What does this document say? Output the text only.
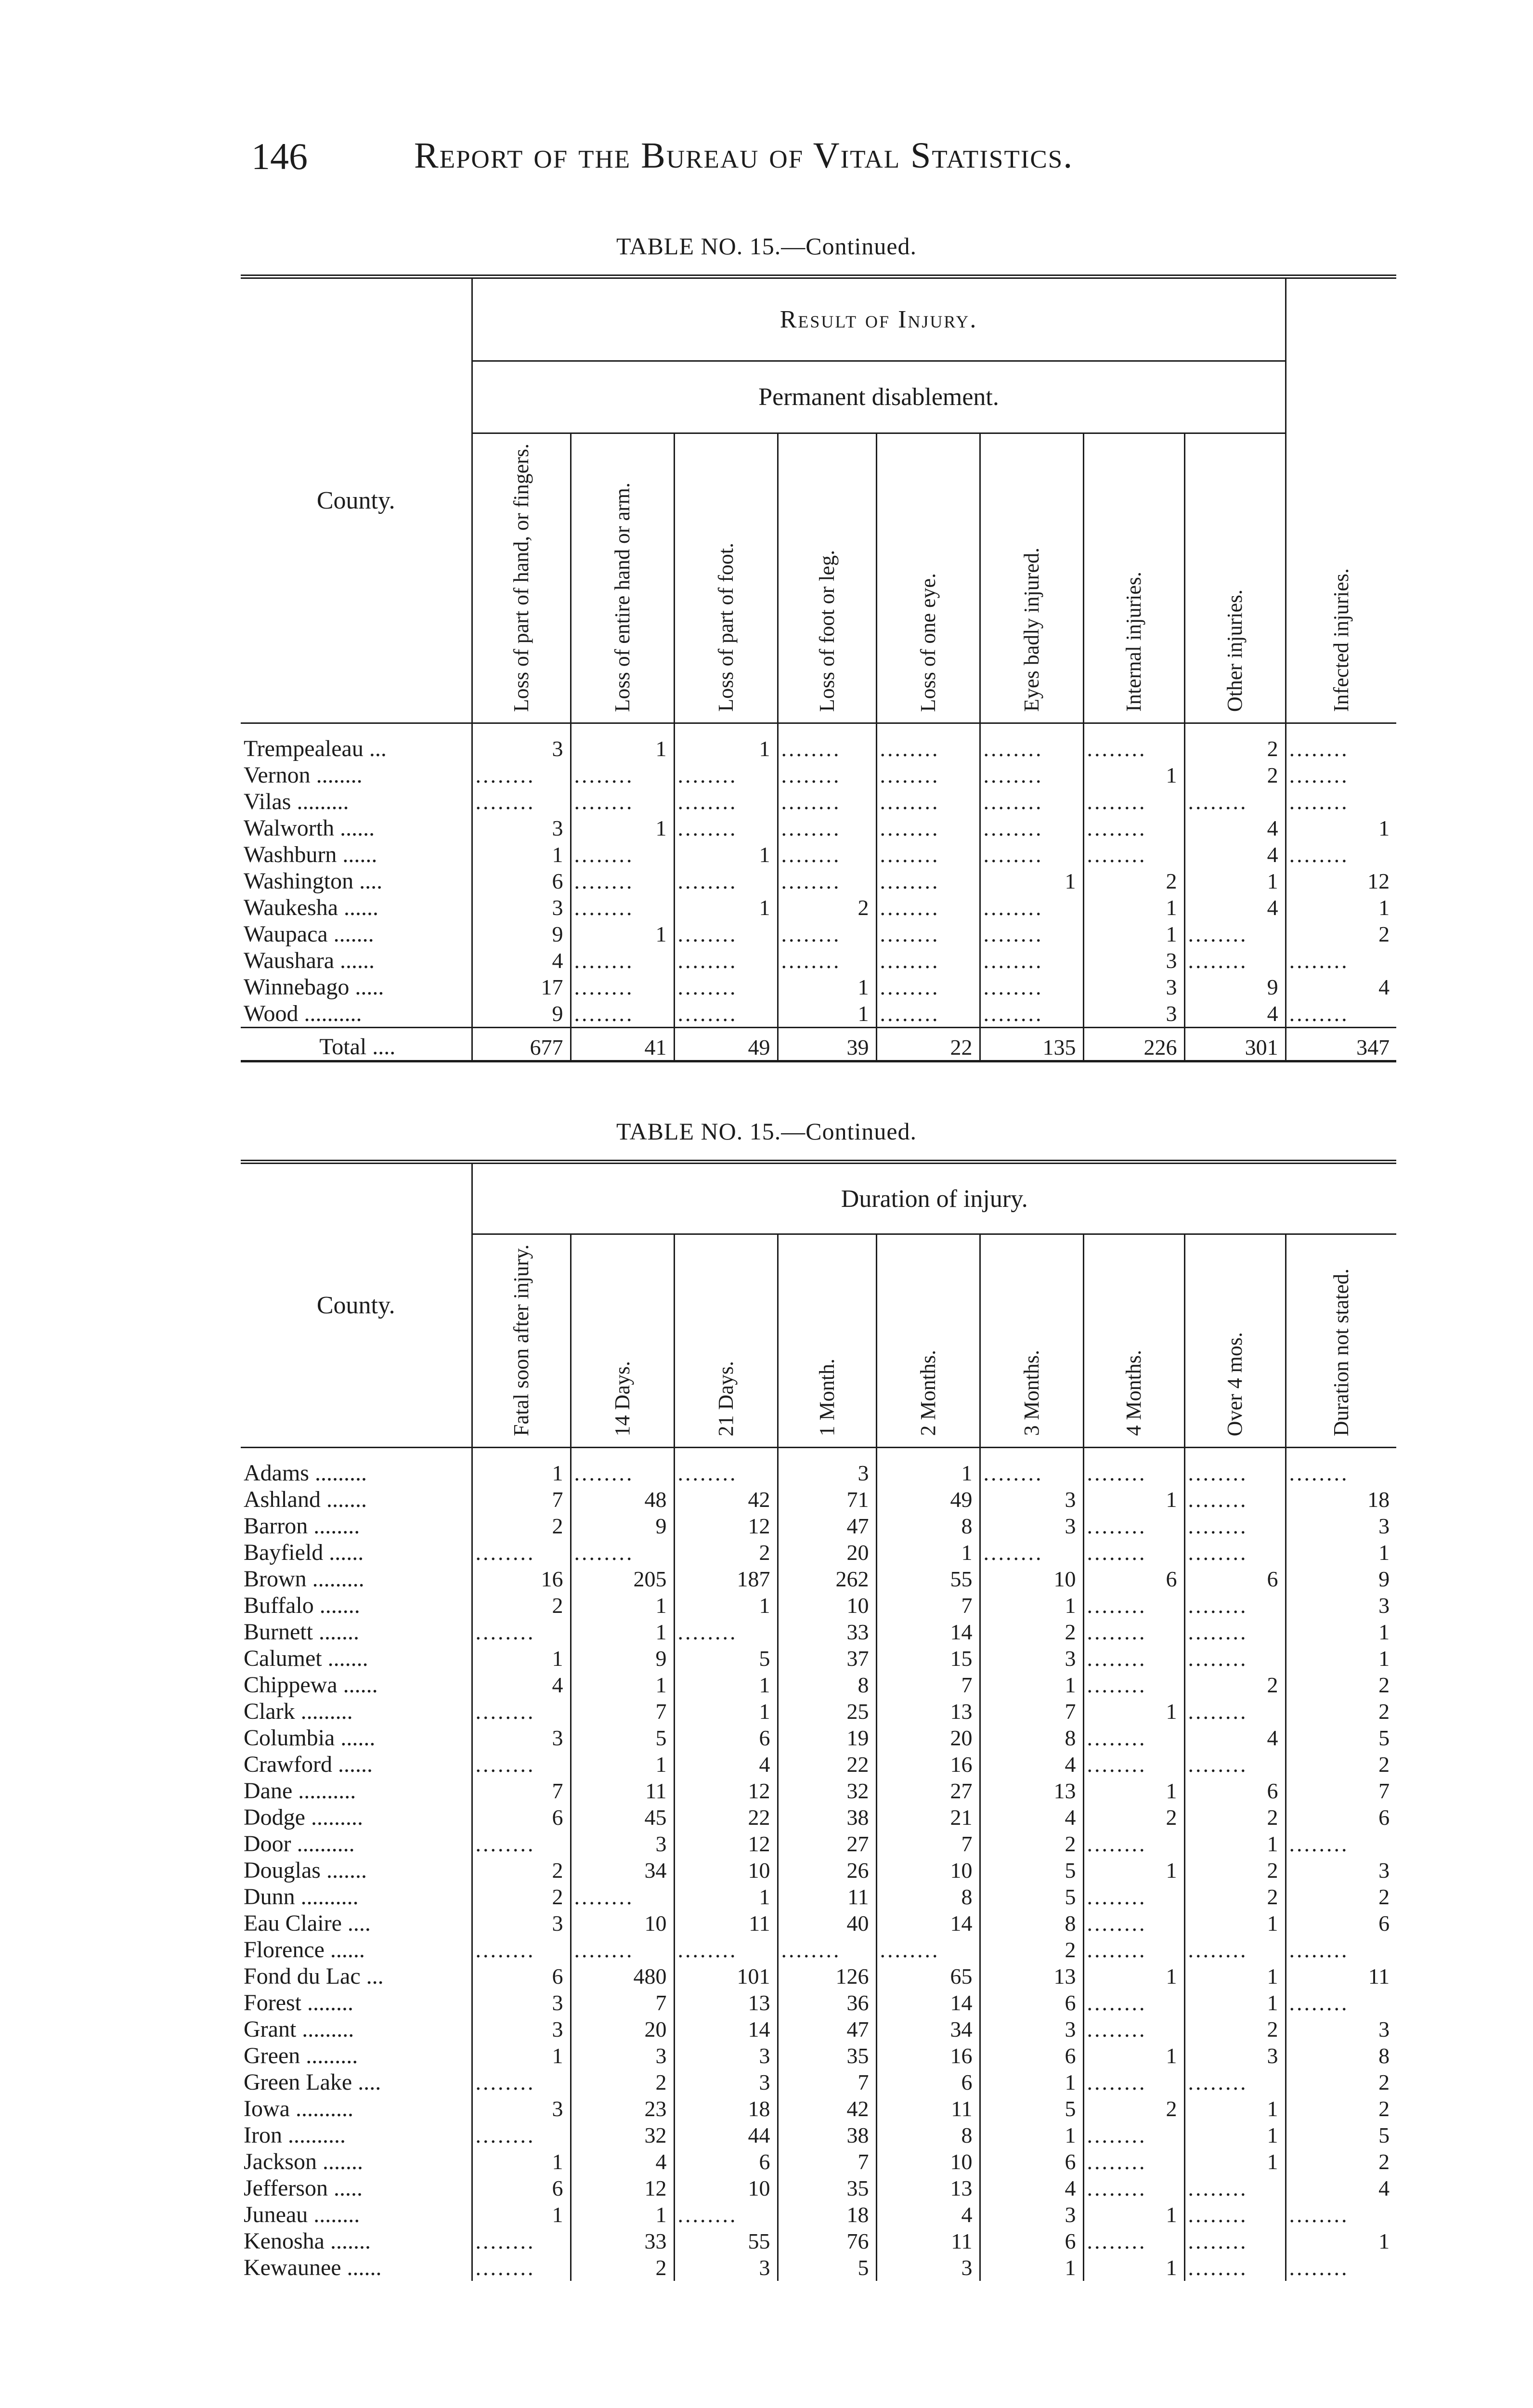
146	Report of the Bureau of Vital Statistics.
TABLE NO. 15.—Continued.
County.	Result of Injury.								Infected injuries.
	Permanent disablement.								
	Loss of part of hand, or fingers.	Loss of entire hand or arm.	Loss of part of foot.	Loss of foot or leg.	Loss of one eye.	Eyes badly injured.	Internal injuries.	Other injuries.	

Trempealeau ...	3	1	1	........	........	........	........	2	........
Vernon ........	........	........	........	........	........	........	1	2	........
Vilas .........	........	........	........	........	........	........	........	........	........
Walworth ......	3	1	........	........	........	........	........	4	1
Washburn ......	1	........	1	........	........	........	........	4	........
Washington ....	6	........	........	........	........	1	2	1	12
Waukesha ......	3	........	1	2	........	........	1	4	1
Waupaca .......	9	1	........	........	........	........	1	........	2
Waushara ......	4	........	........	........	........	........	3	........	........
Winnebago .....	17	........	........	1	........	........	3	9	4
Wood ..........	9	........	........	1	........	........	3	4	........
Total ....	677	41	49	39	22	135	226	301	347
TABLE NO. 15.—Continued.
County.	Duration of injury.								
	Fatal soon after injury.	14 Days.	21 Days.	1 Month.	2 Months.	3 Months.	4 Months.	Over 4 mos.	Duration not stated.

Adams .........	1	........	........	3	1	........	........	........	........
Ashland .......	7	48	42	71	49	3	1	........	18
Barron ........	2	9	12	47	8	3	........	........	3
Bayfield ......	........	........	2	20	1	........	........	........	1
Brown .........	16	205	187	262	55	10	6	6	9
Buffalo .......	2	1	1	10	7	1	........	........	3
Burnett .......	........	1	........	33	14	2	........	........	1
Calumet .......	1	9	5	37	15	3	........	........	1
Chippewa ......	4	1	1	8	7	1	........	2	2
Clark .........	........	7	1	25	13	7	1	........	2
Columbia ......	3	5	6	19	20	8	........	4	5
Crawford ......	........	1	4	22	16	4	........	........	2
Dane ..........	7	11	12	32	27	13	1	6	7
Dodge .........	6	45	22	38	21	4	2	2	6
Door ..........	........	3	12	27	7	2	........	1	........
Douglas .......	2	34	10	26	10	5	1	2	3
Dunn ..........	2	........	1	11	8	5	........	2	2
Eau Claire ....	3	10	11	40	14	8	........	1	6
Florence ......	........	........	........	........	........	2	........	........	........
Fond du Lac ...	6	480	101	126	65	13	1	1	11
Forest ........	3	7	13	36	14	6	........	1	........
Grant .........	3	20	14	47	34	3	........	2	3
Green .........	1	3	3	35	16	6	1	3	8
Green Lake ....	........	2	3	7	6	1	........	........	2
Iowa ..........	3	23	18	42	11	5	2	1	2
Iron ..........	........	32	44	38	8	1	........	1	5
Jackson .......	1	4	6	7	10	6	........	1	2
Jefferson .....	6	12	10	35	13	4	........	........	4
Juneau ........	1	1	........	18	4	3	1	........	........
Kenosha .......	........	33	55	76	11	6	........	........	1
Kewaunee ......	........	2	3	5	3	1	1	........	........
